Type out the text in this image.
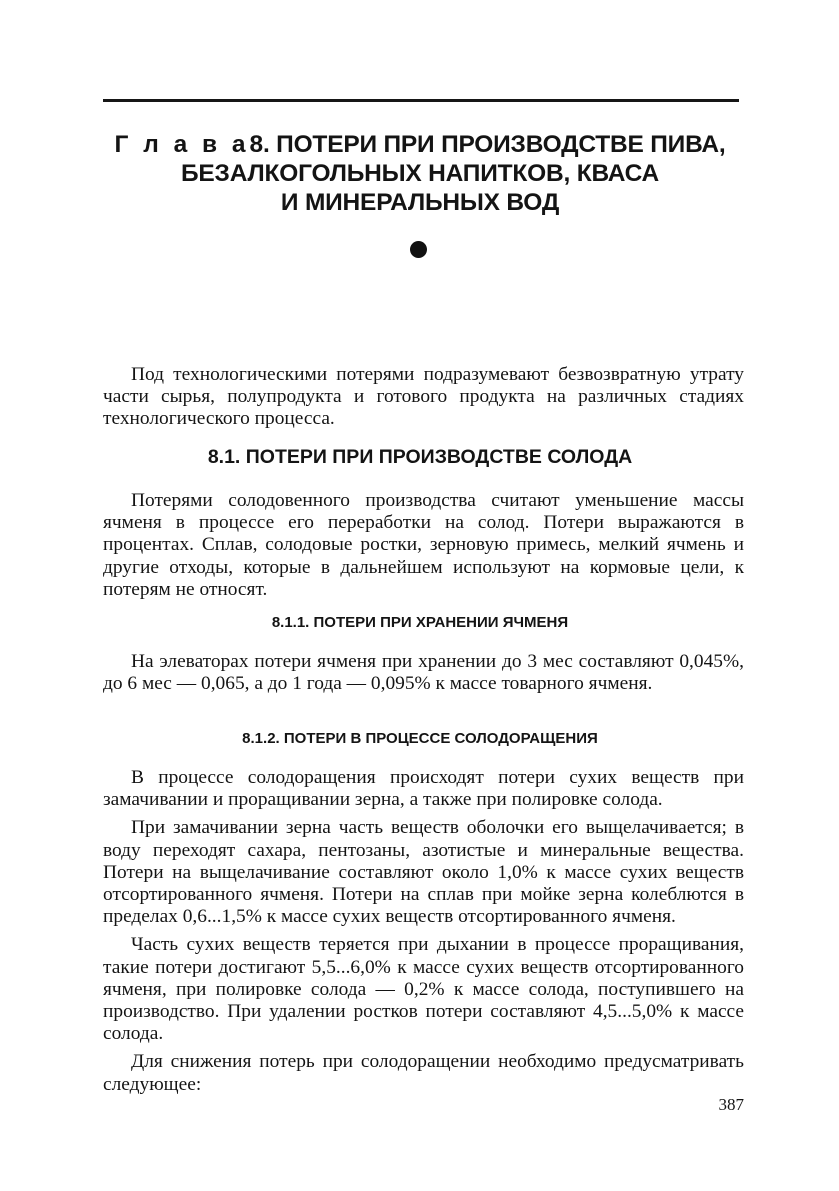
Г л а в а8. ПОТЕРИ ПРИ ПРОИЗВОДСТВЕ ПИВА,
БЕЗАЛКОГОЛЬНЫХ НАПИТКОВ, КВАСА
И МИНЕРАЛЬНЫХ ВОД

Под технологическими потерями подразумевают безвозвратную утрату части сырья, полупродукта и готового продукта на различных стадиях технологического процесса.

8.1. ПОТЕРИ ПРИ ПРОИЗВОДСТВЕ СОЛОДА

Потерями солодовенного производства считают уменьшение массы ячменя в процессе его переработки на солод. Потери выражаются в процентах. Сплав, солодовые ростки, зерновую примесь, мелкий ячмень и другие отходы, которые в дальнейшем используют на кормовые цели, к потерям не относят.

8.1.1. ПОТЕРИ ПРИ ХРАНЕНИИ ЯЧМЕНЯ

На элеваторах потери ячменя при хранении до 3 мес составляют 0,045%, до 6 мес — 0,065, а до 1 года — 0,095% к массе товарного ячменя.

8.1.2. ПОТЕРИ В ПРОЦЕССЕ СОЛОДОРАЩЕНИЯ

В процессе солодоращения происходят потери сухих веществ при замачивании и проращивании зерна, а также при полировке солода.

При замачивании зерна часть веществ оболочки его выщелачивается; в воду переходят сахара, пентозаны, азотистые и минеральные вещества. Потери на выщелачивание составляют около 1,0% к массе сухих веществ отсортированного ячменя. Потери на сплав при мойке зерна колеблются в пределах 0,6...1,5% к массе сухих веществ отсортированного ячменя.

Часть сухих веществ теряется при дыхании в процессе проращивания, такие потери достигают 5,5...6,0% к массе сухих веществ отсортированного ячменя, при полировке солода — 0,2% к массе солода, поступившего на производство. При удалении ростков потери составляют 4,5...5,0% к массе солода.

Для снижения потерь при солодоращении необходимо предусматривать следующее:

387
